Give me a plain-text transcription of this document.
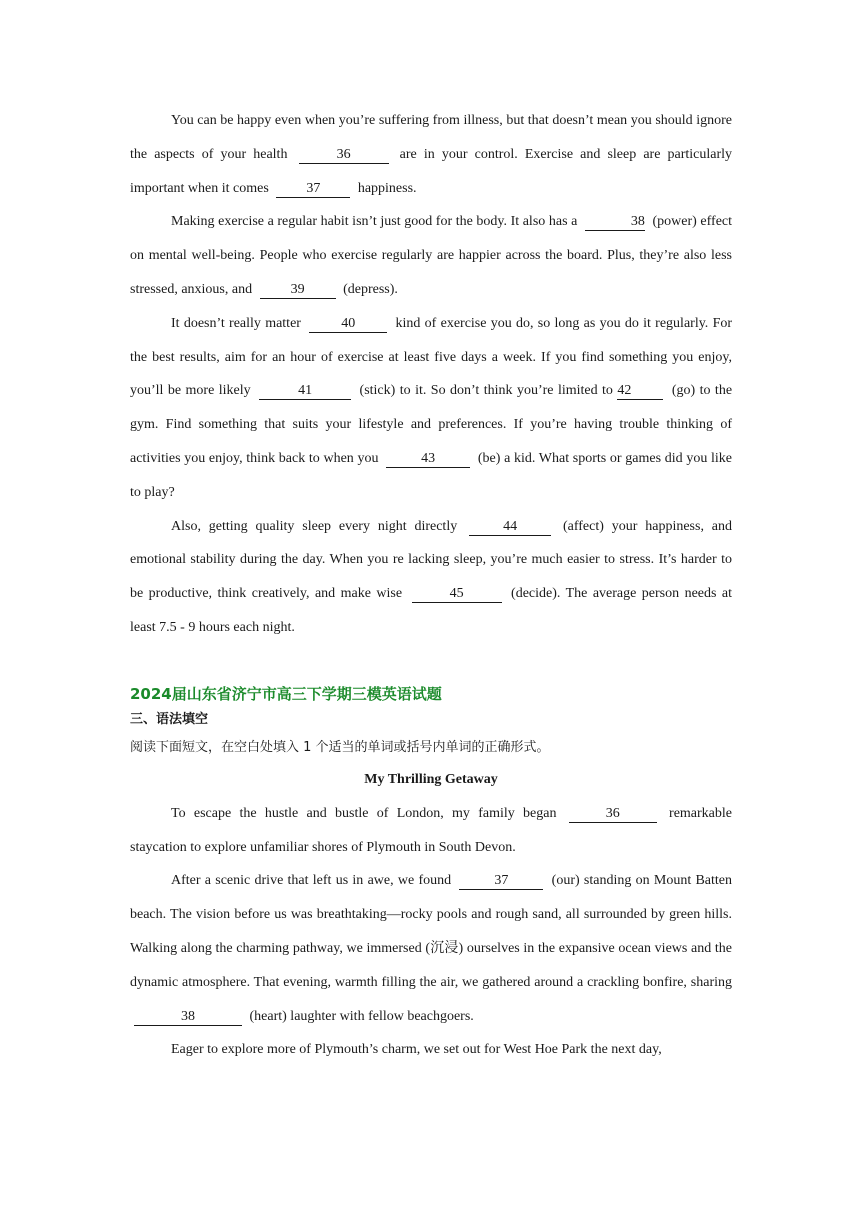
You can be happy even when you’re suffering from illness, but that doesn’t mean you should ignore the aspects of your health	36	are in your control. Exercise and sleep are particularly important when it comes	37	happiness.

Making exercise a regular habit isn’t just good for the body. It also has a	38 (power) effect on mental well-being. People who exercise regularly are happier across the board. Plus, they’re also less stressed, anxious, and	39	(depress).

It doesn’t really matter	40	kind of exercise you do, so long as you do it regularly. For the best results, aim for an hour of exercise at least five days a week. If you find something you enjoy, you’ll be more likely	41	(stick) to it. So don’t think you’re limited to 42	(go) to the gym. Find something that suits your lifestyle and preferences. If you’re having trouble thinking of activities you enjoy, think back to when you	43	(be) a kid. What sports or games did you like to play?

Also, getting quality sleep every night directly	44	(affect) your happiness, and emotional stability during the day. When you re lacking sleep, you’re much easier to stress. It’s harder to be productive, think creatively, and make wise	45	(decide). The average person needs at least 7.5 - 9 hours each night.

2024届山东省济宁市高三下学期三模英语试题

三、语法填空

阅读下面短文，在空白处填入 1 个适当的单词或括号内单词的正确形式。

My Thrilling Getaway

To escape the hustle and bustle of London, my family began	36	remarkable staycation to explore unfamiliar shores of Plymouth in South Devon.

After a scenic drive that left us in awe, we found	37	(our) standing on Mount Batten beach. The vision before us was breathtaking—rocky pools and rough sand, all surrounded by green hills. Walking along the charming pathway, we immersed (沉浸) ourselves in the expansive ocean views and the dynamic atmosphere. That evening, warmth filling the air, we gathered around a crackling bonfire, sharing 38	(heart) laughter with fellow beachgoers.

Eager to explore more of Plymouth’s charm, we set out for West Hoe Park the next day,
